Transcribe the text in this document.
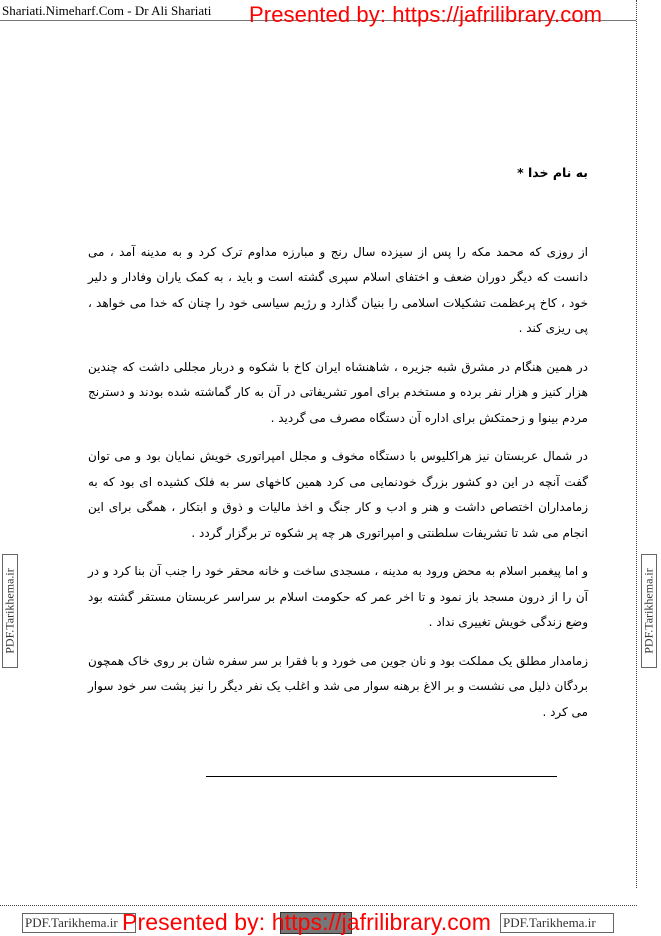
Shariati.Nimeharf.Com - Dr Ali Shariati Presented by: https://jafrilibrary.com
PDF.Tarikhema.ir	PDF.Tarikhema.ir

به نام خدا *

از روزی که محمد مکه را پس از سیزده سال رنج و مبارزه مداوم ترک کرد و به مدینه آمد ، می دانست که دیگر دوران ضعف و اختفای اسلام سپری گشته است و باید ، به کمک یاران وفادار و دلیر خود ، کاخ پرعظمت تشکیلات اسلامی را بنیان گذارد و رژیم سیاسی خود را چنان که خدا می خواهد ، پی ریزی کند .

در همین هنگام در مشرق شبه جزیره ، شاهنشاه ایران کاخ با شکوه و دربار مجللی داشت که چندین هزار کنیز و هزار نفر برده و مستخدم برای امور تشریفاتی در آن به کار گماشته شده بودند و دسترنج مردم بینوا و زحمتکش برای اداره آن دستگاه مصرف می گردید .

در شمال عربستان نیز هراکلیوس با دستگاه مخوف و مجلل امپراتوری خویش نمایان بود و می توان گفت آنچه در این دو کشور بزرگ خودنمایی می کرد همین کاخهای سر به فلک کشیده ای بود که به زمامداران اختصاص داشت و هنر و ادب و کار جنگ و اخذ مالیات و ذوق و ابتکار ، همگی برای این انجام می شد تا تشریفات سلطنتی و امپراتوری هر چه پر شکوه تر برگزار گردد .

و اما پیغمبر اسلام به محض ورود به مدینه ، مسجدی ساخت و خانه محقر خود را جنب آن بنا کرد و در آن را از درون مسجد باز نمود و تا اخر عمر که حکومت اسلام بر سراسر عربستان مستقر گشته بود وضع زندگی خویش تغییری نداد .

زمامدار مطلق یک مملکت بود و نان جوین می خورد و با فقرا بر سر سفره شان بر روی خاک همچون بردگان ذلیل می نشست و بر الاغ برهنه سوار می شد و اغلب یک نفر دیگر را نیز پشت سر خود سوار می کرد .

PDF.Tarikhema.ir	PDF.Tarikhema.ir
Presented by: https://jafrilibrary.com
